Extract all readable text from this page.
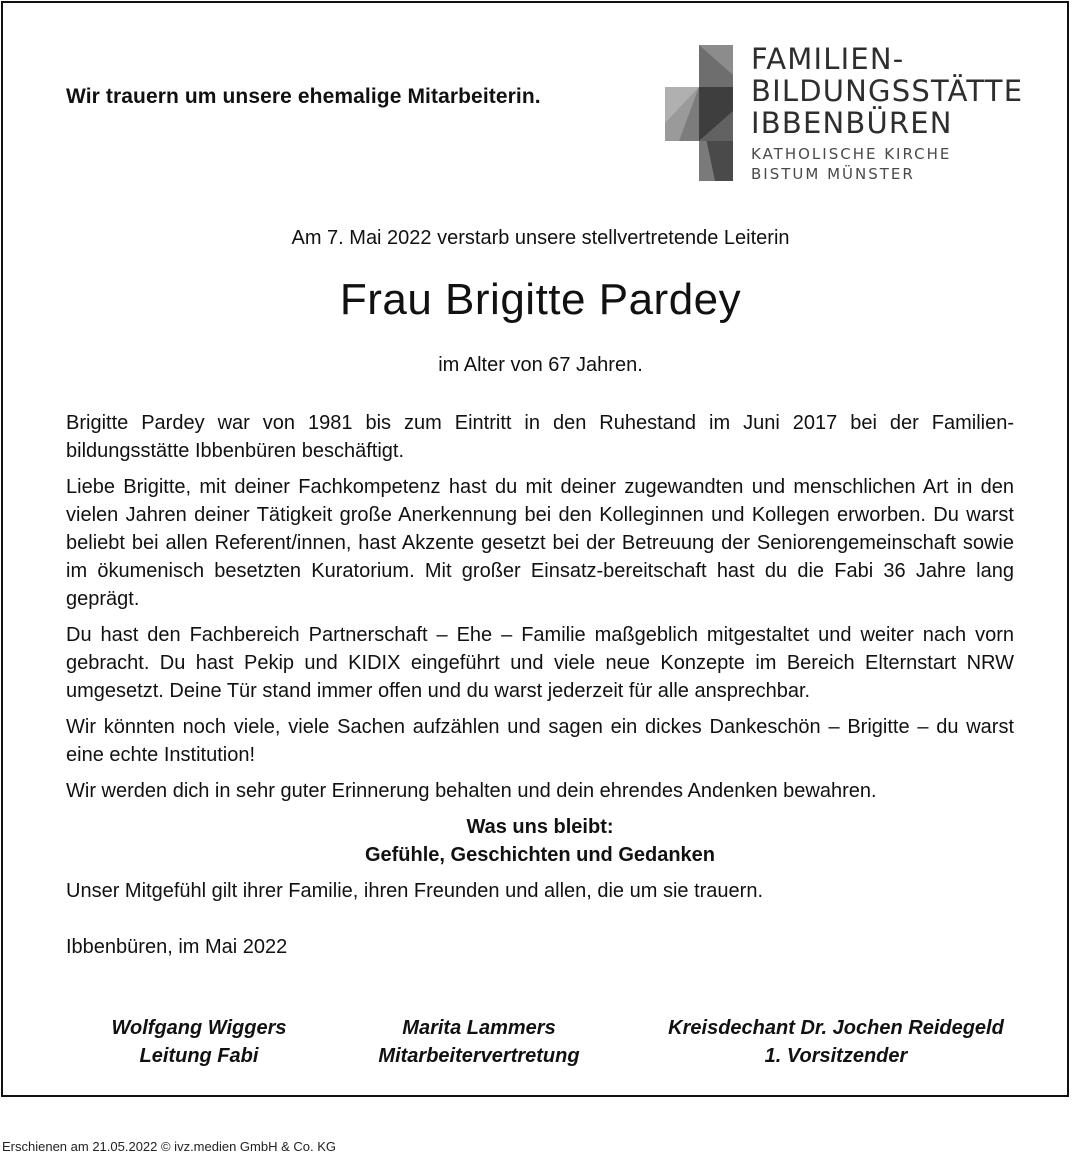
Wir trauern um unsere ehemalige Mitarbeiterin.
FAMILIEN-
BILDUNGSSTÄTTE
IBBENBÜREN
KATHOLISCHE KIRCHE
BISTUM MÜNSTER

Am 7. Mai 2022 verstarb unsere stellvertretende Leiterin

Frau Brigitte Pardey

im Alter von 67 Jahren.

Brigitte Pardey war von 1981 bis zum Eintritt in den Ruhestand im Juni 2017 bei der Familien-bildungsstätte Ibbenbüren beschäftigt.

Liebe Brigitte, mit deiner Fachkompetenz hast du mit deiner zugewandten und menschlichen Art in den vielen Jahren deiner Tätigkeit große Anerkennung bei den Kolleginnen und Kollegen erworben. Du warst beliebt bei allen Referent/innen, hast Akzente gesetzt bei der Betreuung der Seniorengemeinschaft sowie im ökumenisch besetzten Kuratorium. Mit großer Einsatz-bereitschaft hast du die Fabi 36 Jahre lang geprägt.

Du hast den Fachbereich Partnerschaft – Ehe – Familie maßgeblich mitgestaltet und weiter nach vorn gebracht. Du hast Pekip und KIDIX eingeführt und viele neue Konzepte im Bereich Elternstart NRW umgesetzt. Deine Tür stand immer offen und du warst jederzeit für alle ansprechbar.

Wir könnten noch viele, viele Sachen aufzählen und sagen ein dickes Dankeschön – Brigitte – du warst eine echte Institution!

Wir werden dich in sehr guter Erinnerung behalten und dein ehrendes Andenken bewahren.

Was uns bleibt:
Gefühle, Geschichten und Gedanken

Unser Mitgefühl gilt ihrer Familie, ihren Freunden und allen, die um sie trauern.

Ibbenbüren, im Mai 2022

Wolfgang Wiggers
Leitung Fabi
Marita Lammers
Mitarbeitervertretung
Kreisdechant Dr. Jochen Reidegeld
1. Vorsitzender

Erschienen am 21.05.2022 © ivz.medien GmbH & Co. KG
